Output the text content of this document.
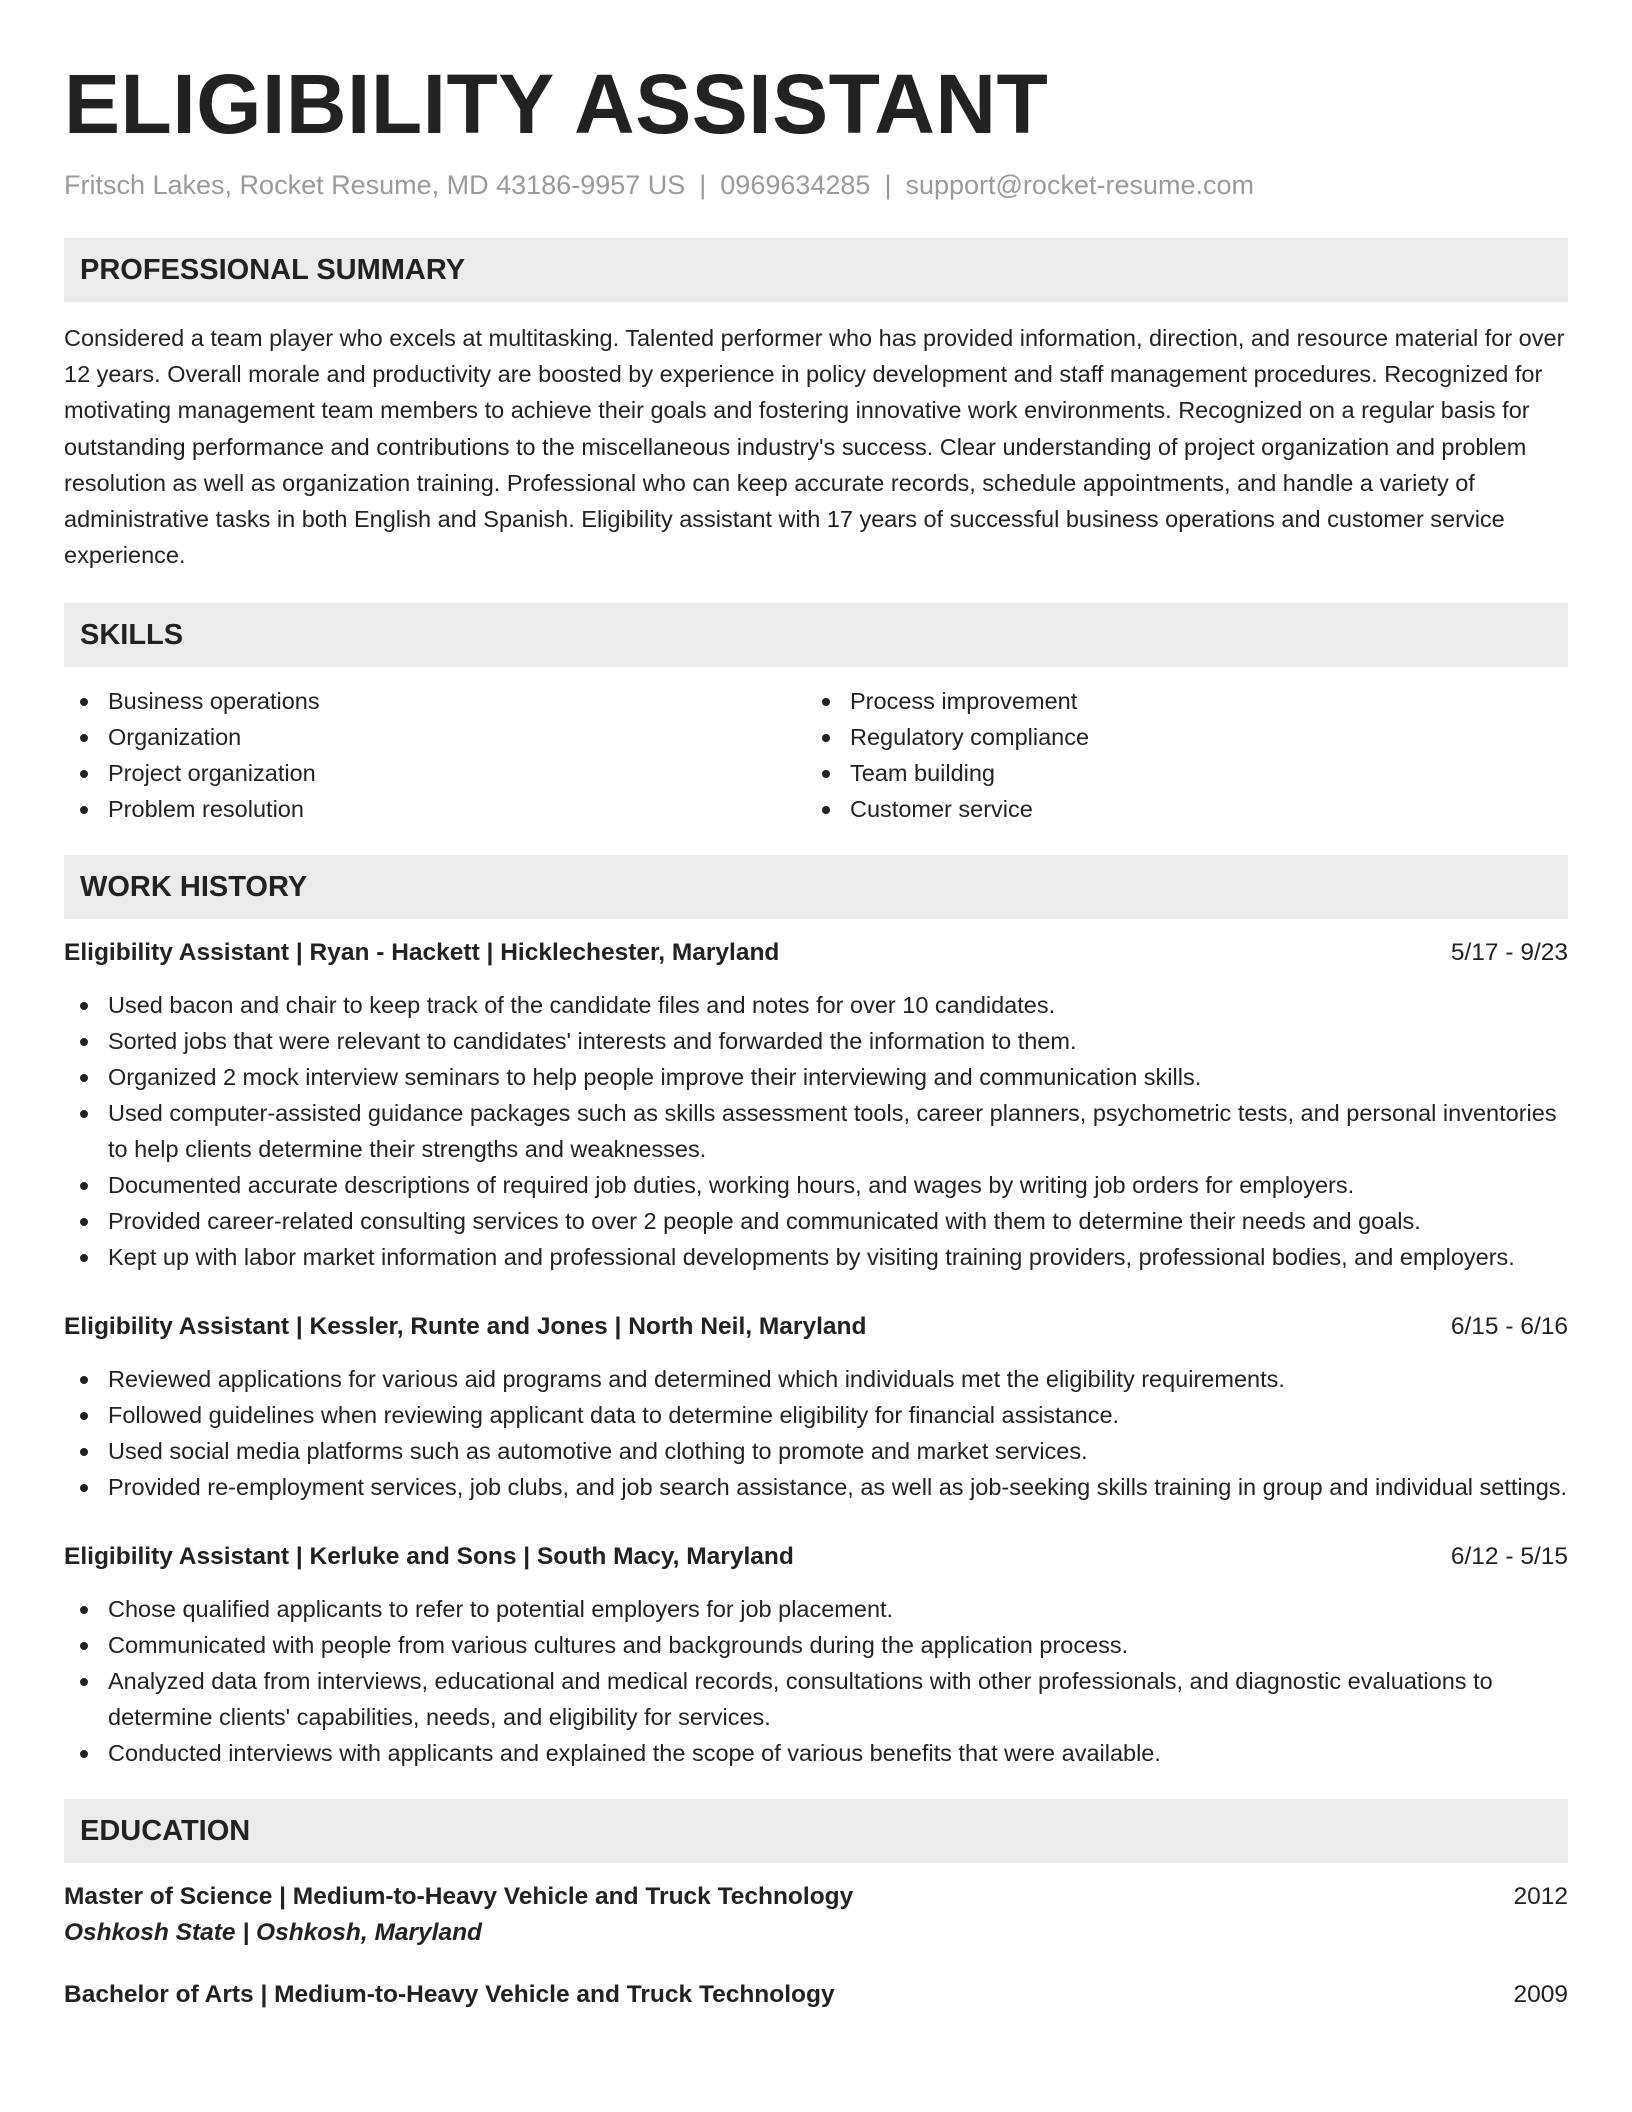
ELIGIBILITY ASSISTANT
Fritsch Lakes, Rocket Resume, MD 43186-9957 US | 0969634285 | support@rocket-resume.com
PROFESSIONAL SUMMARY
Considered a team player who excels at multitasking. Talented performer who has provided information, direction, and resource material for over 12 years. Overall morale and productivity are boosted by experience in policy development and staff management procedures. Recognized for motivating management team members to achieve their goals and fostering innovative work environments. Recognized on a regular basis for outstanding performance and contributions to the miscellaneous industry's success. Clear understanding of project organization and problem resolution as well as organization training. Professional who can keep accurate records, schedule appointments, and handle a variety of administrative tasks in both English and Spanish. Eligibility assistant with 17 years of successful business operations and customer service experience.
SKILLS
Business operations
Organization
Project organization
Problem resolution
Process improvement
Regulatory compliance
Team building
Customer service
WORK HISTORY
Eligibility Assistant | Ryan - Hackett | Hicklechester, Maryland	5/17 - 9/23
Used bacon and chair to keep track of the candidate files and notes for over 10 candidates.
Sorted jobs that were relevant to candidates' interests and forwarded the information to them.
Organized 2 mock interview seminars to help people improve their interviewing and communication skills.
Used computer-assisted guidance packages such as skills assessment tools, career planners, psychometric tests, and personal inventories to help clients determine their strengths and weaknesses.
Documented accurate descriptions of required job duties, working hours, and wages by writing job orders for employers.
Provided career-related consulting services to over 2 people and communicated with them to determine their needs and goals.
Kept up with labor market information and professional developments by visiting training providers, professional bodies, and employers.
Eligibility Assistant | Kessler, Runte and Jones | North Neil, Maryland	6/15 - 6/16
Reviewed applications for various aid programs and determined which individuals met the eligibility requirements.
Followed guidelines when reviewing applicant data to determine eligibility for financial assistance.
Used social media platforms such as automotive and clothing to promote and market services.
Provided re-employment services, job clubs, and job search assistance, as well as job-seeking skills training in group and individual settings.
Eligibility Assistant | Kerluke and Sons | South Macy, Maryland	6/12 - 5/15
Chose qualified applicants to refer to potential employers for job placement.
Communicated with people from various cultures and backgrounds during the application process.
Analyzed data from interviews, educational and medical records, consultations with other professionals, and diagnostic evaluations to determine clients' capabilities, needs, and eligibility for services.
Conducted interviews with applicants and explained the scope of various benefits that were available.
EDUCATION
Master of Science | Medium-to-Heavy Vehicle and Truck Technology	2012
Oshkosh State | Oshkosh, Maryland
Bachelor of Arts | Medium-to-Heavy Vehicle and Truck Technology	2009
